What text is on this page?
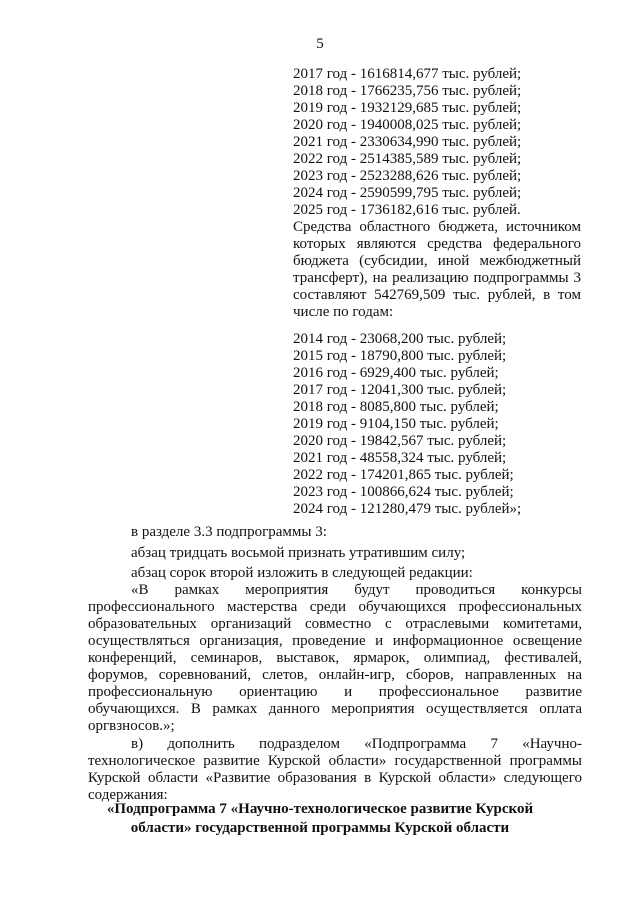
5

2017 год - 1616814,677 тыс. рублей;

2018 год - 1766235,756 тыс. рублей;

2019 год - 1932129,685 тыс. рублей;

2020 год - 1940008,025 тыс. рублей;

2021 год - 2330634,990 тыс. рублей;

2022 год - 2514385,589 тыс. рублей;

2023 год - 2523288,626 тыс. рублей;

2024 год - 2590599,795 тыс. рублей;

2025 год - 1736182,616 тыс. рублей.

Средства областного бюджета, источником которых являются средства федерального бюджета (субсидии, иной межбюджетный трансферт), на реализацию подпрограммы 3 составляют 542769,509 тыс. рублей, в том числе по годам:

2014 год - 23068,200 тыс. рублей;

2015 год - 18790,800 тыс. рублей;

2016 год - 6929,400 тыс. рублей;

2017 год - 12041,300 тыс. рублей;

2018 год - 8085,800 тыс. рублей;

2019 год - 9104,150 тыс. рублей;

2020 год - 19842,567 тыс. рублей;

2021 год - 48558,324 тыс. рублей;

2022 год - 174201,865 тыс. рублей;

2023 год - 100866,624 тыс. рублей;

2024 год - 121280,479 тыс. рублей»;

в разделе 3.3 подпрограммы 3:

абзац тридцать восьмой признать утратившим силу;

абзац сорок второй изложить в следующей редакции:

«В рамках мероприятия будут проводиться конкурсы

профессионального мастерства среди обучающихся профессиональных

образовательных организаций совместно с отраслевыми комитетами,

осуществляться организация, проведение и информационное освещение

конференций, семинаров, выставок, ярмарок, олимпиад, фестивалей,

форумов, соревнований, слетов, онлайн-игр, сборов, направленных на

профессиональную ориентацию и профессиональное развитие

обучающихся. В рамках данного мероприятия осуществляется оплата

оргвзносов.»;

в) дополнить подразделом «Подпрограмма 7 «Научно-

технологическое развитие Курской области» государственной программы

Курской области «Развитие образования в Курской области» следующего

содержания:

«Подпрограмма 7 «Научно-технологическое развитие Курской

области» государственной программы Курской области
